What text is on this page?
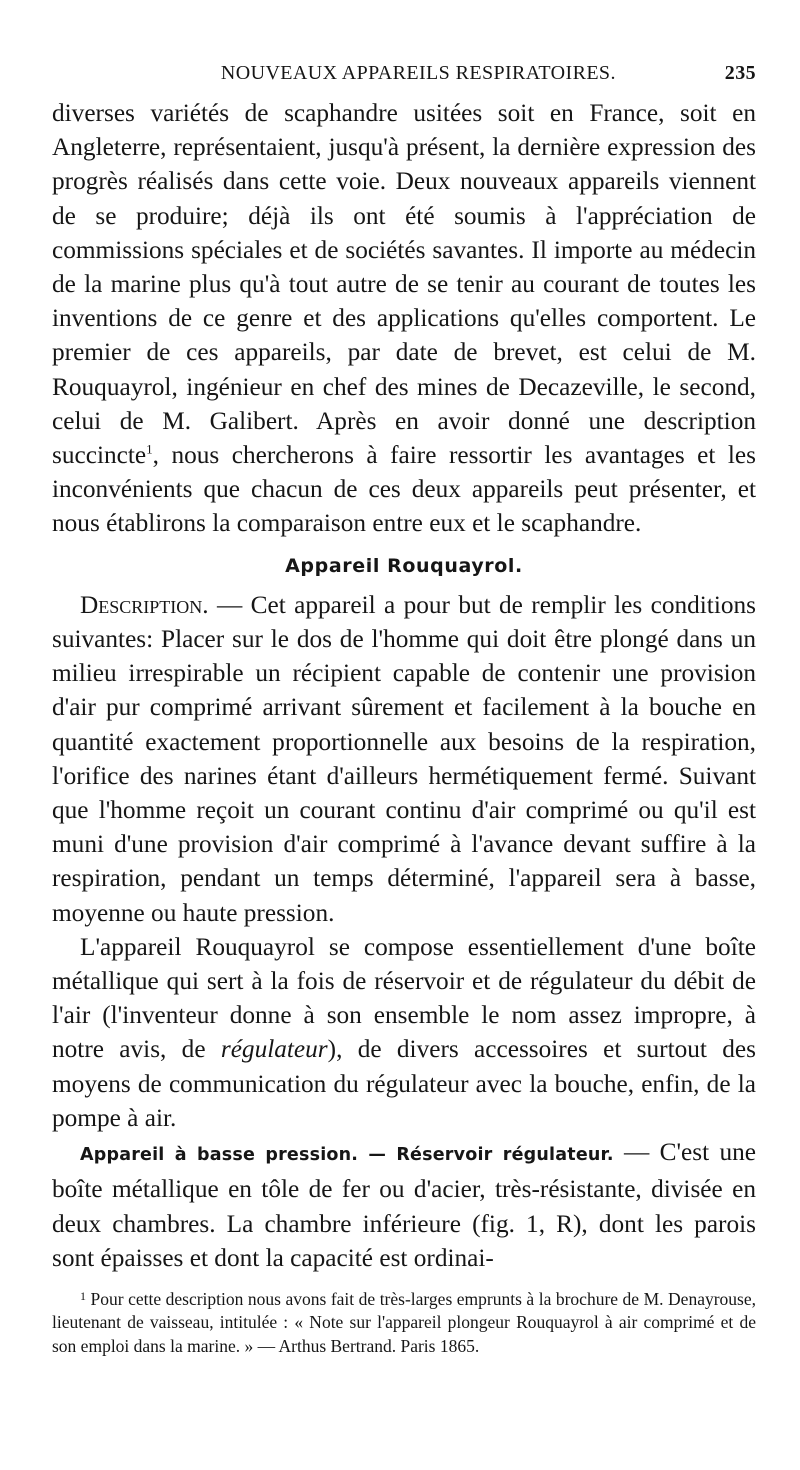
NOUVEAUX APPAREILS RESPIRATOIRES.	235

diverses variétés de scaphandre usitées soit en France, soit en Angleterre, représentaient, jusqu'à présent, la dernière expression des progrès réalisés dans cette voie. Deux nouveaux appareils viennent de se produire; déjà ils ont été soumis à l'appréciation de commissions spéciales et de sociétés savantes. Il importe au médecin de la marine plus qu'à tout autre de se tenir au courant de toutes les inventions de ce genre et des applications qu'elles comportent. Le premier de ces appareils, par date de brevet, est celui de M. Rouquayrol, ingénieur en chef des mines de Decazeville, le second, celui de M. Galibert. Après en avoir donné une description succincte$^1$, nous chercherons à faire ressortir les avantages et les inconvénients que chacun de ces deux appareils peut présenter, et nous établirons la comparaison entre eux et le scaphandre.

Appareil Rouquayrol.

Description. — Cet appareil a pour but de remplir les conditions suivantes: Placer sur le dos de l'homme qui doit être plongé dans un milieu irrespirable un récipient capable de contenir une provision d'air pur comprimé arrivant sûrement et facilement à la bouche en quantité exactement proportionnelle aux besoins de la respiration, l'orifice des narines étant d'ailleurs hermétiquement fermé. Suivant que l'homme reçoit un courant continu d'air comprimé ou qu'il est muni d'une provision d'air comprimé à l'avance devant suffire à la respiration, pendant un temps déterminé, l'appareil sera à basse, moyenne ou haute pression.

L'appareil Rouquayrol se compose essentiellement d'une boîte métallique qui sert à la fois de réservoir et de régulateur du débit de l'air (l'inventeur donne à son ensemble le nom assez impropre, à notre avis, de régulateur), de divers accessoires et surtout des moyens de communication du régulateur avec la bouche, enfin, de la pompe à air.

Appareil à basse pression. — Réservoir régulateur. — C'est une boîte métallique en tôle de fer ou d'acier, très-résistante, divisée en deux chambres. La chambre inférieure (fig. 1, R), dont les parois sont épaisses et dont la capacité est ordinai-

$^1$ Pour cette description nous avons fait de très-larges emprunts à la brochure de M. Denayrouse, lieutenant de vaisseau, intitulée : « Note sur l'appareil plongeur Rouquayrol à air comprimé et de son emploi dans la marine. » — Arthus Bertrand. Paris 1865.
